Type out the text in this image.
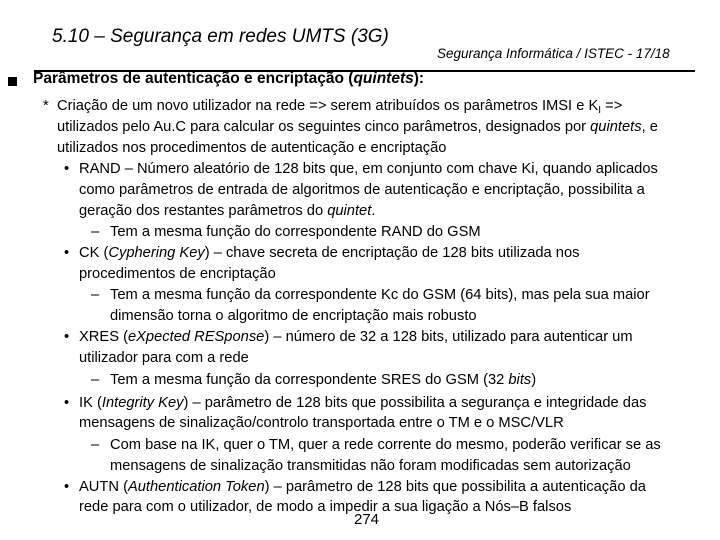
5.10 – Segurança em redes UMTS (3G)
Segurança Informática / ISTEC - 17/18
Parâmetros de autenticação e encriptação (quintets):
* Criação de um novo utilizador na rede => serem atribuídos os parâmetros IMSI e $K_I$ =>
utilizados pelo Au.C para calcular os seguintes cinco parâmetros, designados por quintets, e
utilizados nos procedimentos de autenticação e encriptação
• RAND – Número aleatório de 128 bits que, em conjunto com chave Ki, quando aplicados
como parâmetros de entrada de algoritmos de autenticação e encriptação, possibilita a
geração dos restantes parâmetros do quintet.
– Tem a mesma função do correspondente RAND do GSM
• CK (Cyphering Key) – chave secreta de encriptação de 128 bits utilizada nos
procedimentos de encriptação
– Tem a mesma função da correspondente Kc do GSM (64 bits), mas pela sua maior
dimensão torna o algoritmo de encriptação mais robusto
• XRES (eXpected RESponse) – número de 32 a 128 bits, utilizado para autenticar um
utilizador para com a rede
– Tem a mesma função da correspondente SRES do GSM (32 bits)
• IK (Integrity Key) – parâmetro de 128 bits que possibilita a segurança e integridade das
mensagens de sinalização/controlo transportada entre o TM e o MSC/VLR
– Com base na IK, quer o TM, quer a rede corrente do mesmo, poderão verificar se as
mensagens de sinalização transmitidas não foram modificadas sem autorização
• AUTN (Authentication Token) – parâmetro de 128 bits que possibilita a autenticação da
rede para com o utilizador, de modo a impedir a sua ligação a Nós–B falsos
274
